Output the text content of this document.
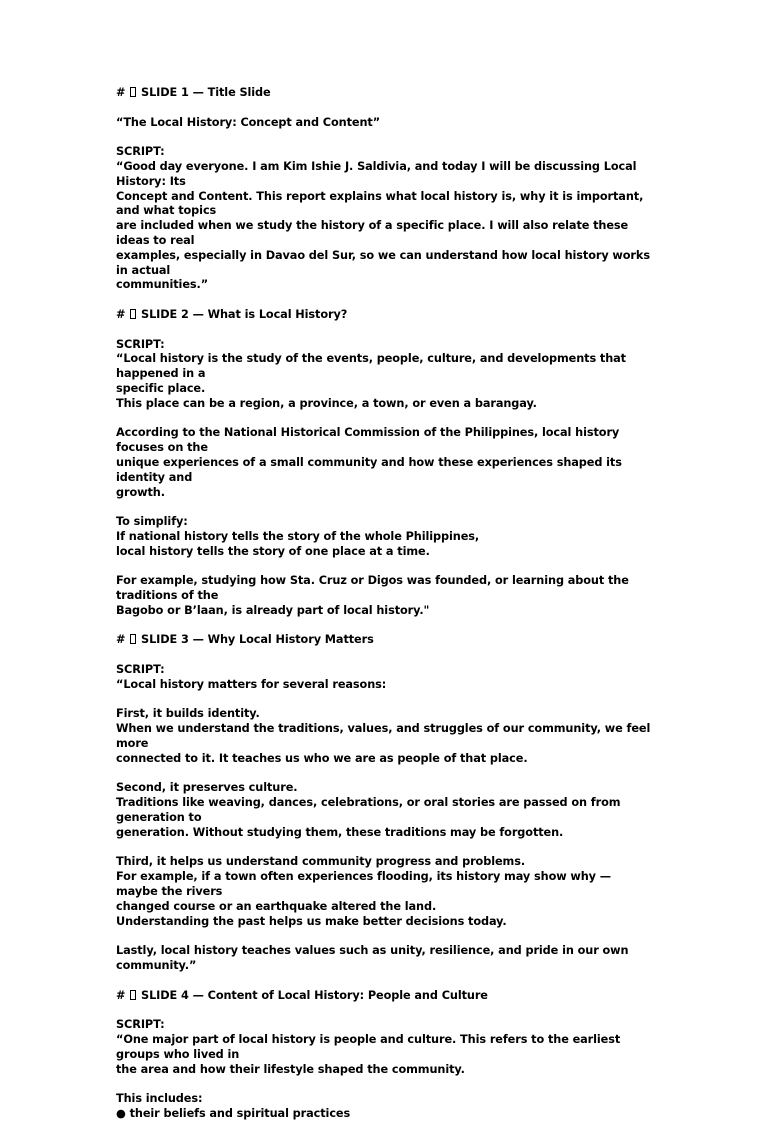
#  SLIDE 1 — Title Slide

“The Local History: Concept and Content”

SCRIPT:

“Good day everyone. I am Kim Ishie J. Saldivia, and today I will be discussing Local History: Its

Concept and Content. This report explains what local history is, why it is important, and what topics

are included when we study the history of a specific place. I will also relate these ideas to real

examples, especially in Davao del Sur, so we can understand how local history works in actual

communities.”

#  SLIDE 2 — What is Local History?

SCRIPT:

“Local history is the study of the events, people, culture, and developments that happened in a

specific place.

This place can be a region, a province, a town, or even a barangay.

According to the National Historical Commission of the Philippines, local history focuses on the

unique experiences of a small community and how these experiences shaped its identity and

growth.

To simplify:

If national history tells the story of the whole Philippines,

local history tells the story of one place at a time.

For example, studying how Sta. Cruz or Digos was founded, or learning about the traditions of the

Bagobo or B’laan, is already part of local history."

#  SLIDE 3 — Why Local History Matters

SCRIPT:

“Local history matters for several reasons:

First, it builds identity.

When we understand the traditions, values, and struggles of our community, we feel more

connected to it. It teaches us who we are as people of that place.

Second, it preserves culture.

Traditions like weaving, dances, celebrations, or oral stories are passed on from generation to

generation. Without studying them, these traditions may be forgotten.

Third, it helps us understand community progress and problems.

For example, if a town often experiences flooding, its history may show why — maybe the rivers

changed course or an earthquake altered the land.

Understanding the past helps us make better decisions today.

Lastly, local history teaches values such as unity, resilience, and pride in our own community.”

#  SLIDE 4 — Content of Local History: People and Culture

SCRIPT:

“One major part of local history is people and culture. This refers to the earliest groups who lived in

the area and how their lifestyle shaped the community.

This includes:

● their beliefs and spiritual practices
